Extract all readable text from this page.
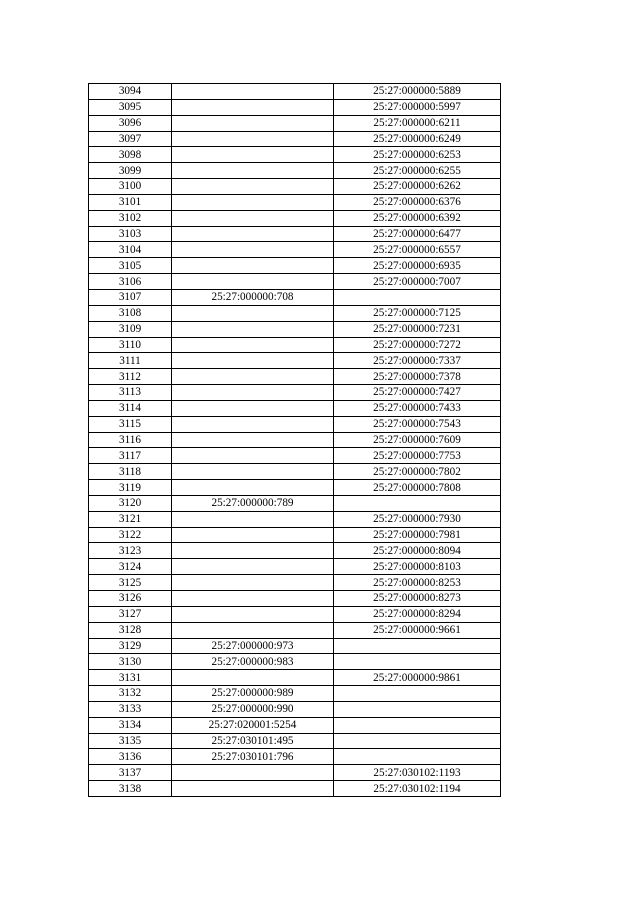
3094		25:27:000000:5889
3095		25:27:000000:5997
3096		25:27:000000:6211
3097		25:27:000000:6249
3098		25:27:000000:6253
3099		25:27:000000:6255
3100		25:27:000000:6262
3101		25:27:000000:6376
3102		25:27:000000:6392
3103		25:27:000000:6477
3104		25:27:000000:6557
3105		25:27:000000:6935
3106		25:27:000000:7007
3107	25:27:000000:708	
3108		25:27:000000:7125
3109		25:27:000000:7231
3110		25:27:000000:7272
3111		25:27:000000:7337
3112		25:27:000000:7378
3113		25:27:000000:7427
3114		25:27:000000:7433
3115		25:27:000000:7543
3116		25:27:000000:7609
3117		25:27:000000:7753
3118		25:27:000000:7802
3119		25:27:000000:7808
3120	25:27:000000:789	
3121		25:27:000000:7930
3122		25:27:000000:7981
3123		25:27:000000:8094
3124		25:27:000000:8103
3125		25:27:000000:8253
3126		25:27:000000:8273
3127		25:27:000000:8294
3128		25:27:000000:9661
3129	25:27:000000:973	
3130	25:27:000000:983	
3131		25:27:000000:9861
3132	25:27:000000:989	
3133	25:27:000000:990	
3134	25:27:020001:5254	
3135	25:27:030101:495	
3136	25:27:030101:796	
3137		25:27:030102:1193
3138		25:27:030102:1194
